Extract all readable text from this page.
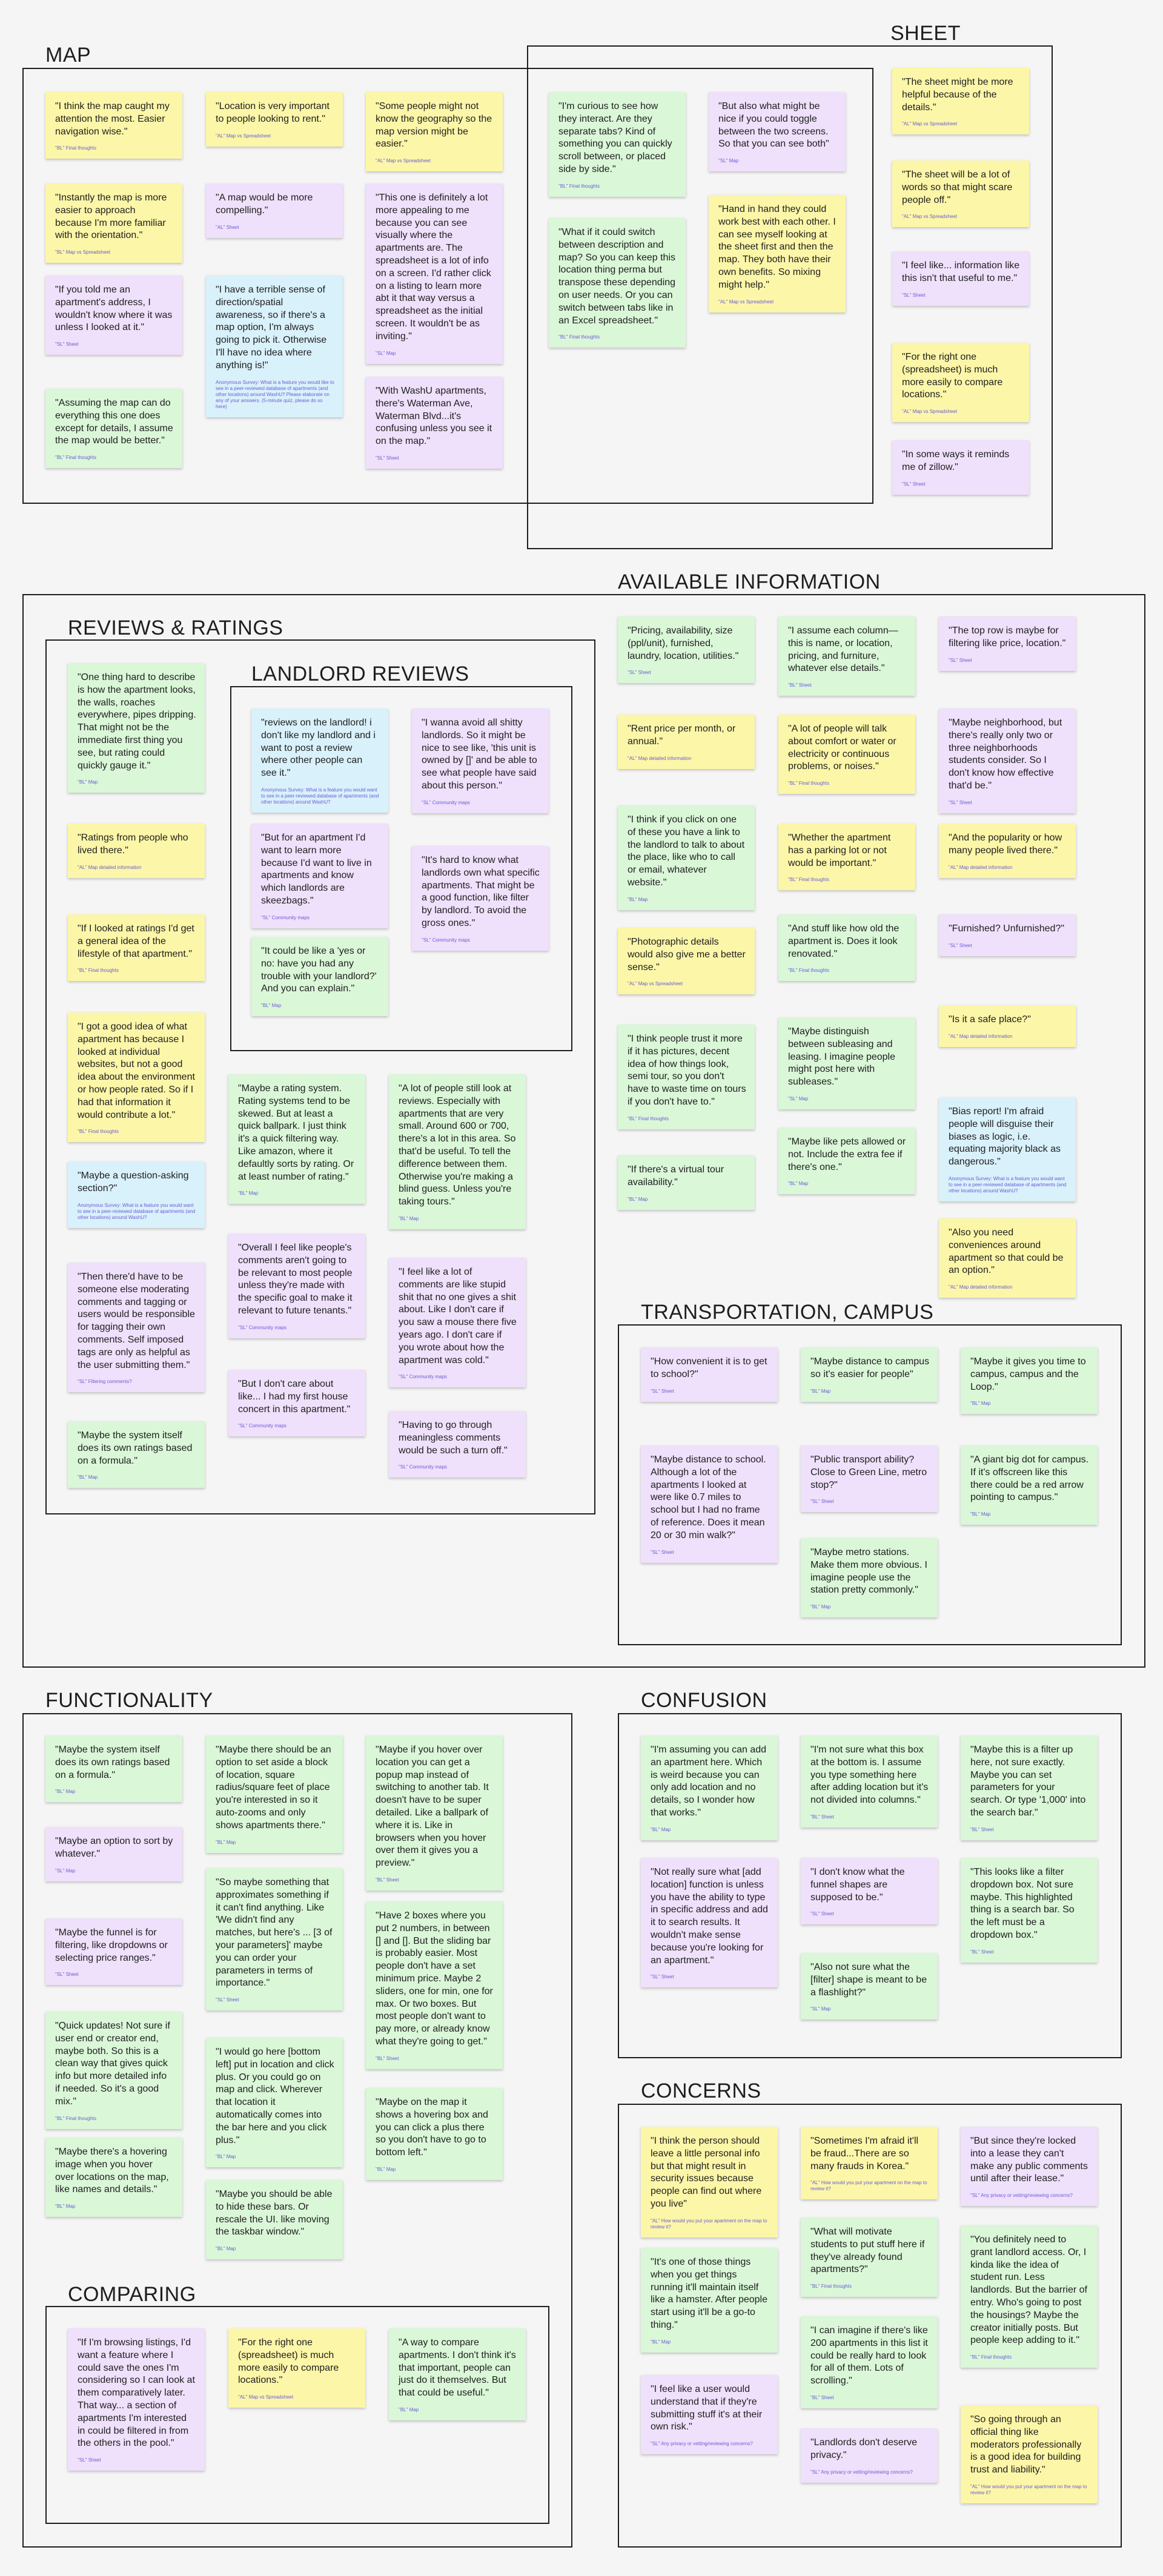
MAP
SHEET
AVAILABLE INFORMATION
REVIEWS & RATINGS
LANDLORD REVIEWS
TRANSPORTATION, CAMPUS
FUNCTIONALITY
COMPARING
CONFUSION
CONCERNS
"I think the map caught my attention the most. Easier navigation wise."
"BL" Final thoughts
"Location is very important to people looking to rent."
"AL" Map vs Spreadsheet
"Some people might not know the geography so the map version might be easier."
"AL" Map vs Spreadsheet
"Instantly the map is more easier to approach because I'm more familiar with the orientation."
"BL" Map vs Spreadsheet
"A map would be more compelling."
"AL" Sheet
"This one is definitely a lot more appealing to me because you can see visually where the apartments are. The spreadsheet is a lot of info on a screen. I'd rather click on a listing to learn more abt it that way versus a spreadsheet as the initial screen. It wouldn't be as inviting."
"SL" Map
"If you told me an apartment's address, I wouldn't know where it was unless I looked at it."
"SL" Sheet
"I have a terrible sense of direction/spatial awareness, so if there's a map option, I'm always going to pick it. Otherwise I'll have no idea where anything is!"
Anonymous Survey: What is a feature you would like to see in a peer-reviewed database of apartments (and other locations) around WashU? Please elaborate on any of your answers. (5-minute quiz, please do so here)
"Assuming the map can do everything this one does except for details, I assume the map would be better."
"BL" Final thoughts
"With WashU apartments, there's Waterman Ave, Waterman Blvd...it's confusing unless you see it on the map."
"SL" Sheet
"I'm curious to see how they interact. Are they separate tabs? Kind of something you can quickly scroll between, or placed side by side."
"BL" Final thoughts
"But also what might be nice if you could toggle between the two screens. So that you can see both"
"SL" Map
"What if it could switch between description and map? So you can keep this location thing perma but transpose these depending on user needs. Or you can switch between tabs like in an Excel spreadsheet."
"BL" Final thoughts
"Hand in hand they could work best with each other. I can see myself looking at the sheet first and then the map. They both have their own benefits. So mixing might help."
"AL" Map vs Spreadsheet
"The sheet might be more helpful because of the details."
"AL" Map vs Spreadsheet
"The sheet will be a lot of words so that might scare people off."
"AL" Map vs Spreadsheet
"I feel like... information like this isn't that useful to me."
"SL" Sheet
"For the right one (spreadsheet) is much more easily to compare locations."
"AL" Map vs Spreadsheet
"In some ways it reminds me of zillow."
"SL" Sheet
"One thing hard to describe is how the apartment looks, the walls, roaches everywhere, pipes dripping. That might not be the immediate first thing you see, but rating could quickly gauge it."
"BL" Map
"Ratings from people who lived there."
"AL" Map detailed information
"If I looked at ratings I'd get a general idea of the lifestyle of that apartment."
"BL" Final thoughts
"I got a good idea of what apartment has because I looked at individual websites, but not a good idea about the environment or how people rated. So if I had that information it would contribute a lot."
"BL" Final thoughts
"Maybe a question-asking section?"
Anonymous Survey: What is a feature you would want to see in a peer-reviewed database of apartments (and other locations) around WashU?
"Then there'd have to be someone else moderating comments and tagging or users would be responsible for tagging their own comments. Self imposed tags are only as helpful as the user submitting them."
"SL" Filtering comments?
"Maybe the system itself does its own ratings based on a formula."
"BL" Map
"reviews on the landlord! i don't like my landlord and i want to post a review where other people can see it."
Anonymous Survey: What is a feature you would want to see in a peer-reviewed database of apartments (and other locations) around WashU?
"I wanna avoid all shitty landlords. So it might be nice to see like, 'this unit is owned by []' and be able to see what people have said about this person."
"SL" Community maps
"But for an apartment I'd want to learn more because I'd want to live in apartments and know which landlords are skeezbags."
"SL" Community maps
"It's hard to know what landlords own what specific apartments. That might be a good function, like filter by landlord. To avoid the gross ones."
"SL" Community maps
"It could be like a 'yes or no: have you had any trouble with your landlord?' And you can explain."
"BL" Map
"Maybe a rating system. Rating systems tend to be skewed. But at least a quick ballpark. I just think it's a quick filtering way. Like amazon, where it defaultly sorts by rating. Or at least number of rating."
"BL" Map
"A lot of people still look at reviews. Especially with apartments that are very small. Around 600 or 700, there's a lot in this area. So that'd be useful. To tell the difference between them. Otherwise you're making a blind guess. Unless you're taking tours."
"BL" Map
"Overall I feel like people's comments aren't going to be relevant to most people unless they're made with the specific goal to make it relevant to future tenants."
"SL" Community maps
"I feel like a lot of comments are like stupid shit that no one gives a shit about. Like I don't care if you saw a mouse there five years ago. I don't care if you wrote about how the apartment was cold."
"SL" Community maps
"But I don't care about like... I had my first house concert in this apartment."
"SL" Community maps	"Having to go through meaningless comments would be such a turn off."
"SL" Community maps
"Pricing, availability, size (ppl/unit), furnished, laundry, location, utilities."
"SL" Sheet
"I assume each column—this is name, or location, pricing, and furniture, whatever else details."
"BL" Sheet
"The top row is maybe for filtering like price, location."
"SL" Sheet
"Rent price per month, or annual."
"AL" Map detailed information
"A lot of people will talk about comfort or water or electricity or continuous problems, or noises."
"BL" Final thoughts
"Maybe neighborhood, but there's really only two or three neighborhoods students consider. So I don't know how effective that'd be."
"SL" Sheet
"I think if you click on one of these you have a link to the landlord to talk to about the place, like who to call or email, whatever website."
"BL" Map
"Whether the apartment has a parking lot or not would be important."
"BL" Final thoughts
"And the popularity or how many people lived there."
"AL" Map detailed information
"Photographic details would also give me a better sense."
"AL" Map vs Spreadsheet
"And stuff like how old the apartment is. Does it look renovated."
"BL" Final thoughts
"Furnished? Unfurnished?"
"SL" Sheet
"I think people trust it more if it has pictures, decent idea of how things look, semi tour, so you don't have to waste time on tours if you don't have to."
"BL" Final thoughts
"Maybe distinguish between subleasing and leasing. I imagine people might post here with subleases."
"SL" Map
"Is it a safe place?"
"AL" Map detailed information
"Maybe like pets allowed or not. Include the extra fee if there's one."
"BL" Map
"Bias report! I'm afraid people will disguise their biases as logic, i.e. equating majority black as dangerous."
Anonymous Survey: What is a feature you would want to see in a peer-reviewed database of apartments (and other locations) around WashU?
"If there's a virtual tour availability."
"BL" Map
"Also you need conveniences around apartment so that could be an option."
"AL" Map detailed information
"How convenient it is to get to school?"
"SL" Sheet
"Maybe distance to campus so it's easier for people"
"BL" Map
"Maybe it gives you time to campus, campus and the Loop."
"BL" Map
"Maybe distance to school. Although a lot of the apartments I looked at were like 0.7 miles to school but I had no frame of reference. Does it mean 20 or 30 min walk?"
"SL" Sheet
"Public transport ability? Close to Green Line, metro stop?"
"SL" Sheet
"A giant big dot for campus. If it's offscreen like this there could be a red arrow pointing to campus."
"BL" Map
"Maybe metro stations. Make them more obvious. I imagine people use the station pretty commonly."
"BL" Map
"Maybe the system itself does its own ratings based on a formula."
"BL" Map
"Maybe there should be an option to set aside a block of location, square radius/square feet of place you're interested in so it auto-zooms and only shows apartments there."
"BL" Map
"Maybe if you hover over location you can get a popup map instead of switching to another tab. It doesn't have to be super detailed. Like a ballpark of where it is. Like in browsers when you hover over them it gives you a preview."
"BL" Sheet
"Maybe an option to sort by whatever."
"SL" Map
"So maybe something that approximates something if it can't find anything. Like 'We didn't find any matches, but here's ... [3 of your parameters]' maybe you can order your parameters in terms of importance."
"SL" Sheet
"Maybe the funnel is for filtering, like dropdowns or selecting price ranges."
"SL" Sheet
"Have 2 boxes where you put 2 numbers, in between [] and []. But the sliding bar is probably easier. Most people don't have a set minimum price. Maybe 2 sliders, one for min, one for max. Or two boxes. But most people don't want to pay more, or already know what they're going to get."
"BL" Sheet
"Quick updates! Not sure if user end or creator end, maybe both. So this is a clean way that gives quick info but more detailed info if needed. So it's a good mix."
"BL" Final thoughts
"I would go here [bottom left] put in location and click plus. Or you could go on map and click. Wherever that location it automatically comes into the bar here and you click plus."
"BL" Map
"Maybe on the map it shows a hovering box and you can click a plus there so you don't have to go to bottom left."
"BL" Map
"Maybe there's a hovering image when you hover over locations on the map, like names and details."
"BL" Map
"Maybe you should be able to hide these bars. Or rescale the UI. like moving the taskbar window."
"BL" Map
"If I'm browsing listings, I'd want a feature where I could save the ones I'm considering so I can look at them comparatively later. That way... a section of apartments I'm interested in could be filtered in from the others in the pool."
"SL" Sheet
"For the right one (spreadsheet) is much more easily to compare locations."
"AL" Map vs Spreadsheet
"A way to compare apartments. I don't think it's that important, people can just do it themselves. But that could be useful."
"BL" Map
"I'm assuming you can add an apartment here. Which is weird because you can only add location and no details, so I wonder how that works."
"BL" Map
"I'm not sure what this box at the bottom is. I assume you type something here after adding location but it's not divided into columns."
"BL" Sheet
"Maybe this is a filter up here, not sure exactly. Maybe you can set parameters for your search. Or type '1,000' into the search bar."
"BL" Sheet
"Not really sure what [add location] function is unless you have the ability to type in specific address and add it to search results. It wouldn't make sense because you're looking for an apartment."
"SL" Sheet
"I don't know what the funnel shapes are supposed to be."
"SL" Sheet
"This looks like a filter dropdown box. Not sure maybe. This highlighted thing is a search bar. So the left must be a dropdown box."
"BL" Sheet
"Also not sure what the [filter] shape is meant to be a flashlight?"
"SL" Map
"I think the person should leave a little personal info but that might result in security issues because people can find out where you live"
"AL" How would you put your apartment on the map to review it?
"Sometimes I'm afraid it'll be fraud...There are so many frauds in Korea."
"AL" How would you put your apartment on the map to review it?
"But since they're locked into a lease they can't make any public comments until after their lease."
"SL" Any privacy or vetting/reviewing concerns?
"It's one of those things when you get things running it'll maintain itself like a hamster. After people start using it'll be a go-to thing."
"BL" Map
"What will motivate students to put stuff here if they've already found apartments?"
"BL" Final thoughts
"You definitely need to grant landlord access. Or, I kinda like the idea of student run. Less landlords. But the barrier of entry. Who's going to post the housings? Maybe the creator initially posts. But people keep adding to it."
"BL" Final thoughts
"I can imagine if there's like 200 apartments in this list it could be really hard to look for all of them. Lots of scrolling."
"BL" Sheet
"I feel like a user would understand that if they're submitting stuff it's at their own risk."
"SL" Any privacy or vetting/reviewing concerns?	"Landlords don't deserve privacy."
"SL" Any privacy or vetting/reviewing concerns?
"So going through an official thing like moderators professionally is a good idea for building trust and liability."
"AL" How would you put your apartment on the map to review it?
